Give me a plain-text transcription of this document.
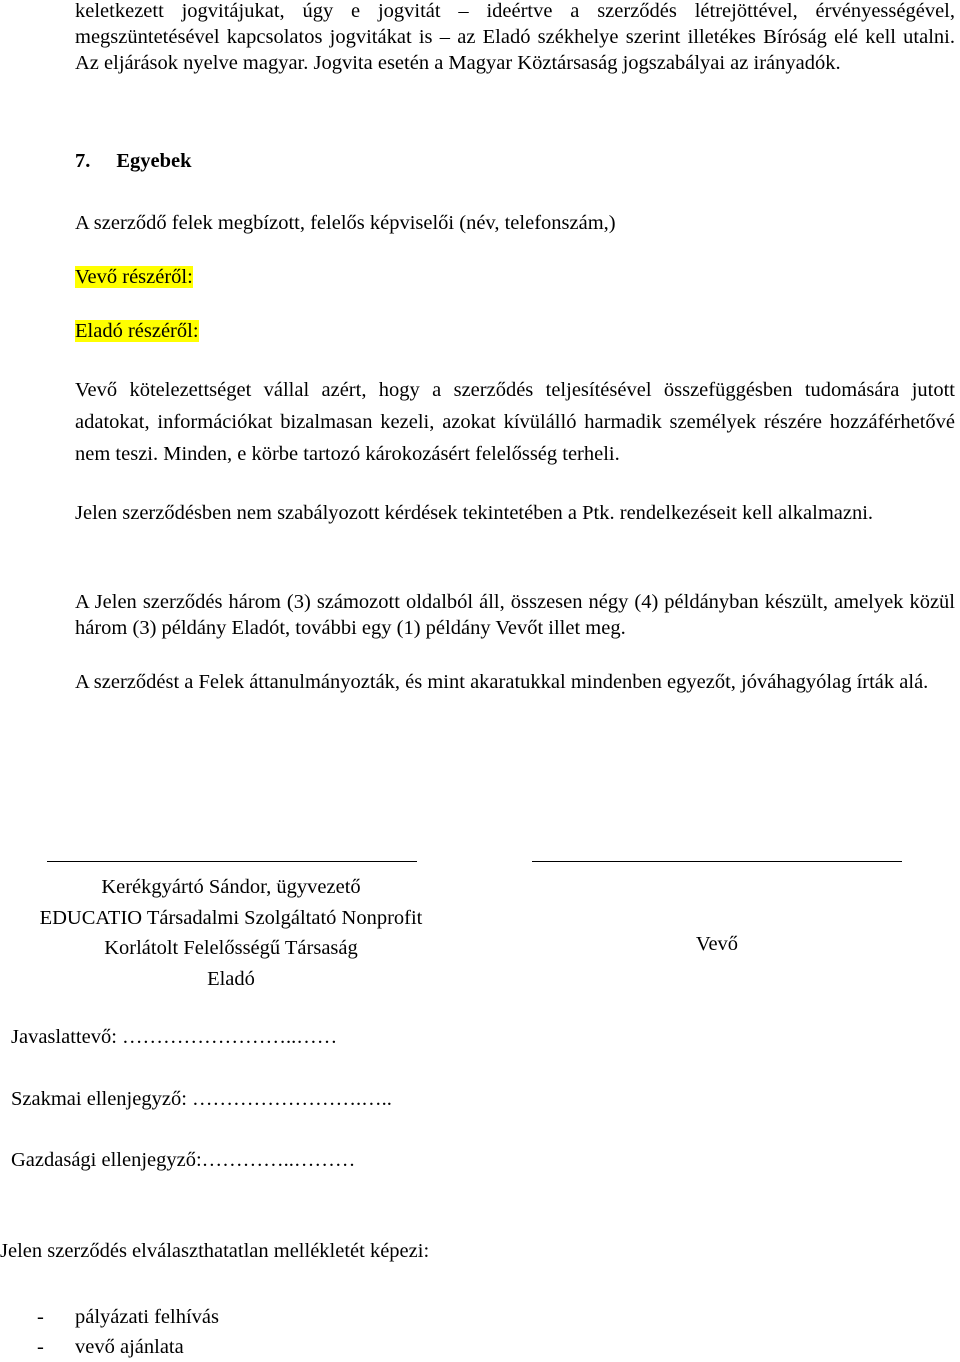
keletkezett jogvitájukat, úgy e jogvitát – ideértve a szerződés létrejöttével, érvényességével, megszüntetésével kapcsolatos jogvitákat is – az Eladó székhelye szerint illetékes Bíróság elé kell utalni. Az eljárások nyelve magyar. Jogvita esetén a Magyar Köztársaság jogszabályai az irányadók.
7. Egyebek
A szerződő felek megbízott, felelős képviselői (név, telefonszám,)
Vevő részéről:
Eladó részéről:
Vevő kötelezettséget vállal azért, hogy a szerződés teljesítésével összefüggésben tudomására jutott adatokat, információkat bizalmasan kezeli, azokat kívülálló harmadik személyek részére hozzáférhetővé nem teszi. Minden, e körbe tartozó károkozásért felelősség terheli.
Jelen szerződésben nem szabályozott kérdések tekintetében a Ptk. rendelkezéseit kell alkalmazni.
A Jelen szerződés három (3) számozott oldalból áll, összesen négy (4) példányban készült, amelyek közül három (3) példány Eladót, további egy (1) példány Vevőt illet meg.
A szerződést a Felek áttanulmányozták, és mint akaratukkal mindenben egyezőt, jóváhagyólag írták alá.
Kerékgyártó Sándor, ügyvezető
EDUCATIO Társadalmi Szolgáltató Nonprofit
Korlátolt Felelősségű Társaság
Eladó
Vevő
Javaslattevő: ……………………..……
Szakmai ellenjegyző: …………………….…..
Gazdasági ellenjegyző:…………..………
Jelen szerződés elválaszthatatlan mellékletét képezi:
- pályázati felhívás
- vevő ajánlata
